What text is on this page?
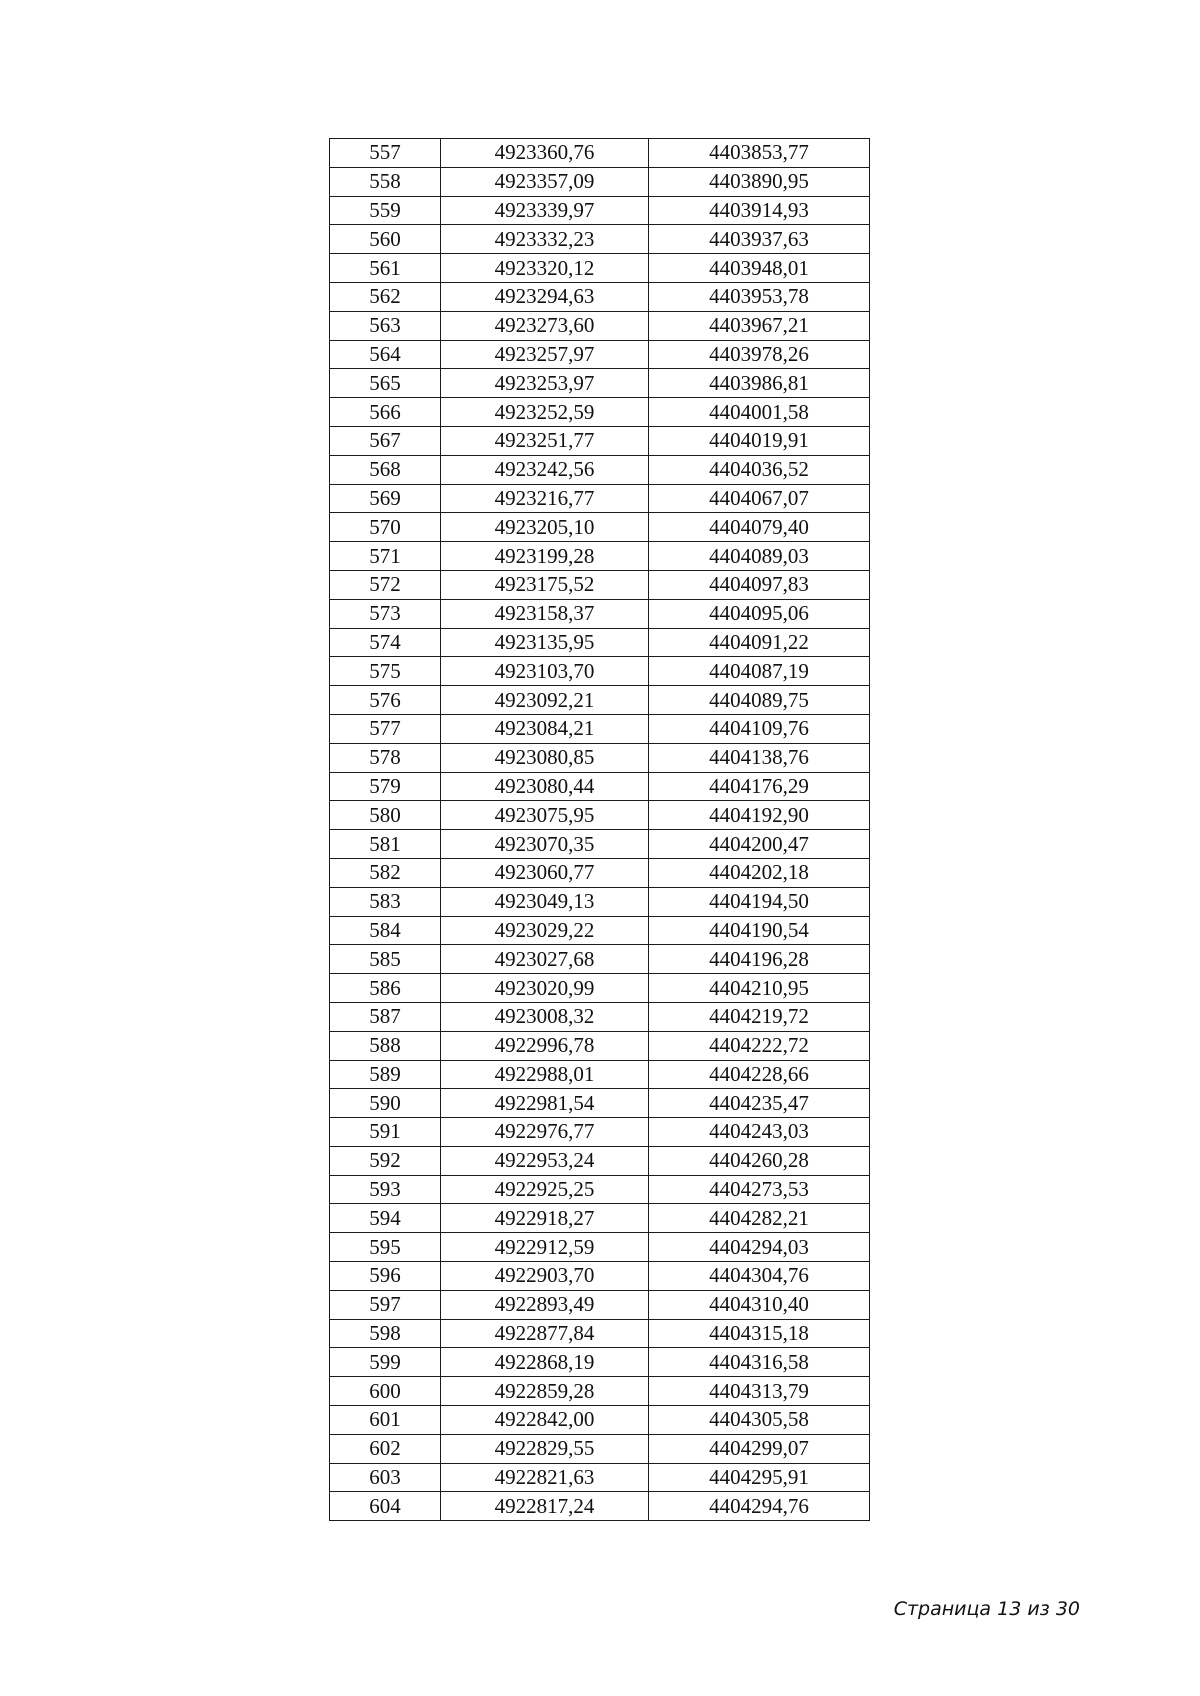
557	4923360,76	4403853,77
558	4923357,09	4403890,95
559	4923339,97	4403914,93
560	4923332,23	4403937,63
561	4923320,12	4403948,01
562	4923294,63	4403953,78
563	4923273,60	4403967,21
564	4923257,97	4403978,26
565	4923253,97	4403986,81
566	4923252,59	4404001,58
567	4923251,77	4404019,91
568	4923242,56	4404036,52
569	4923216,77	4404067,07
570	4923205,10	4404079,40
571	4923199,28	4404089,03
572	4923175,52	4404097,83
573	4923158,37	4404095,06
574	4923135,95	4404091,22
575	4923103,70	4404087,19
576	4923092,21	4404089,75
577	4923084,21	4404109,76
578	4923080,85	4404138,76
579	4923080,44	4404176,29
580	4923075,95	4404192,90
581	4923070,35	4404200,47
582	4923060,77	4404202,18
583	4923049,13	4404194,50
584	4923029,22	4404190,54
585	4923027,68	4404196,28
586	4923020,99	4404210,95
587	4923008,32	4404219,72
588	4922996,78	4404222,72
589	4922988,01	4404228,66
590	4922981,54	4404235,47
591	4922976,77	4404243,03
592	4922953,24	4404260,28
593	4922925,25	4404273,53
594	4922918,27	4404282,21
595	4922912,59	4404294,03
596	4922903,70	4404304,76
597	4922893,49	4404310,40
598	4922877,84	4404315,18
599	4922868,19	4404316,58
600	4922859,28	4404313,79
601	4922842,00	4404305,58
602	4922829,55	4404299,07
603	4922821,63	4404295,91
604	4922817,24	4404294,76
Страница 13 из 30
